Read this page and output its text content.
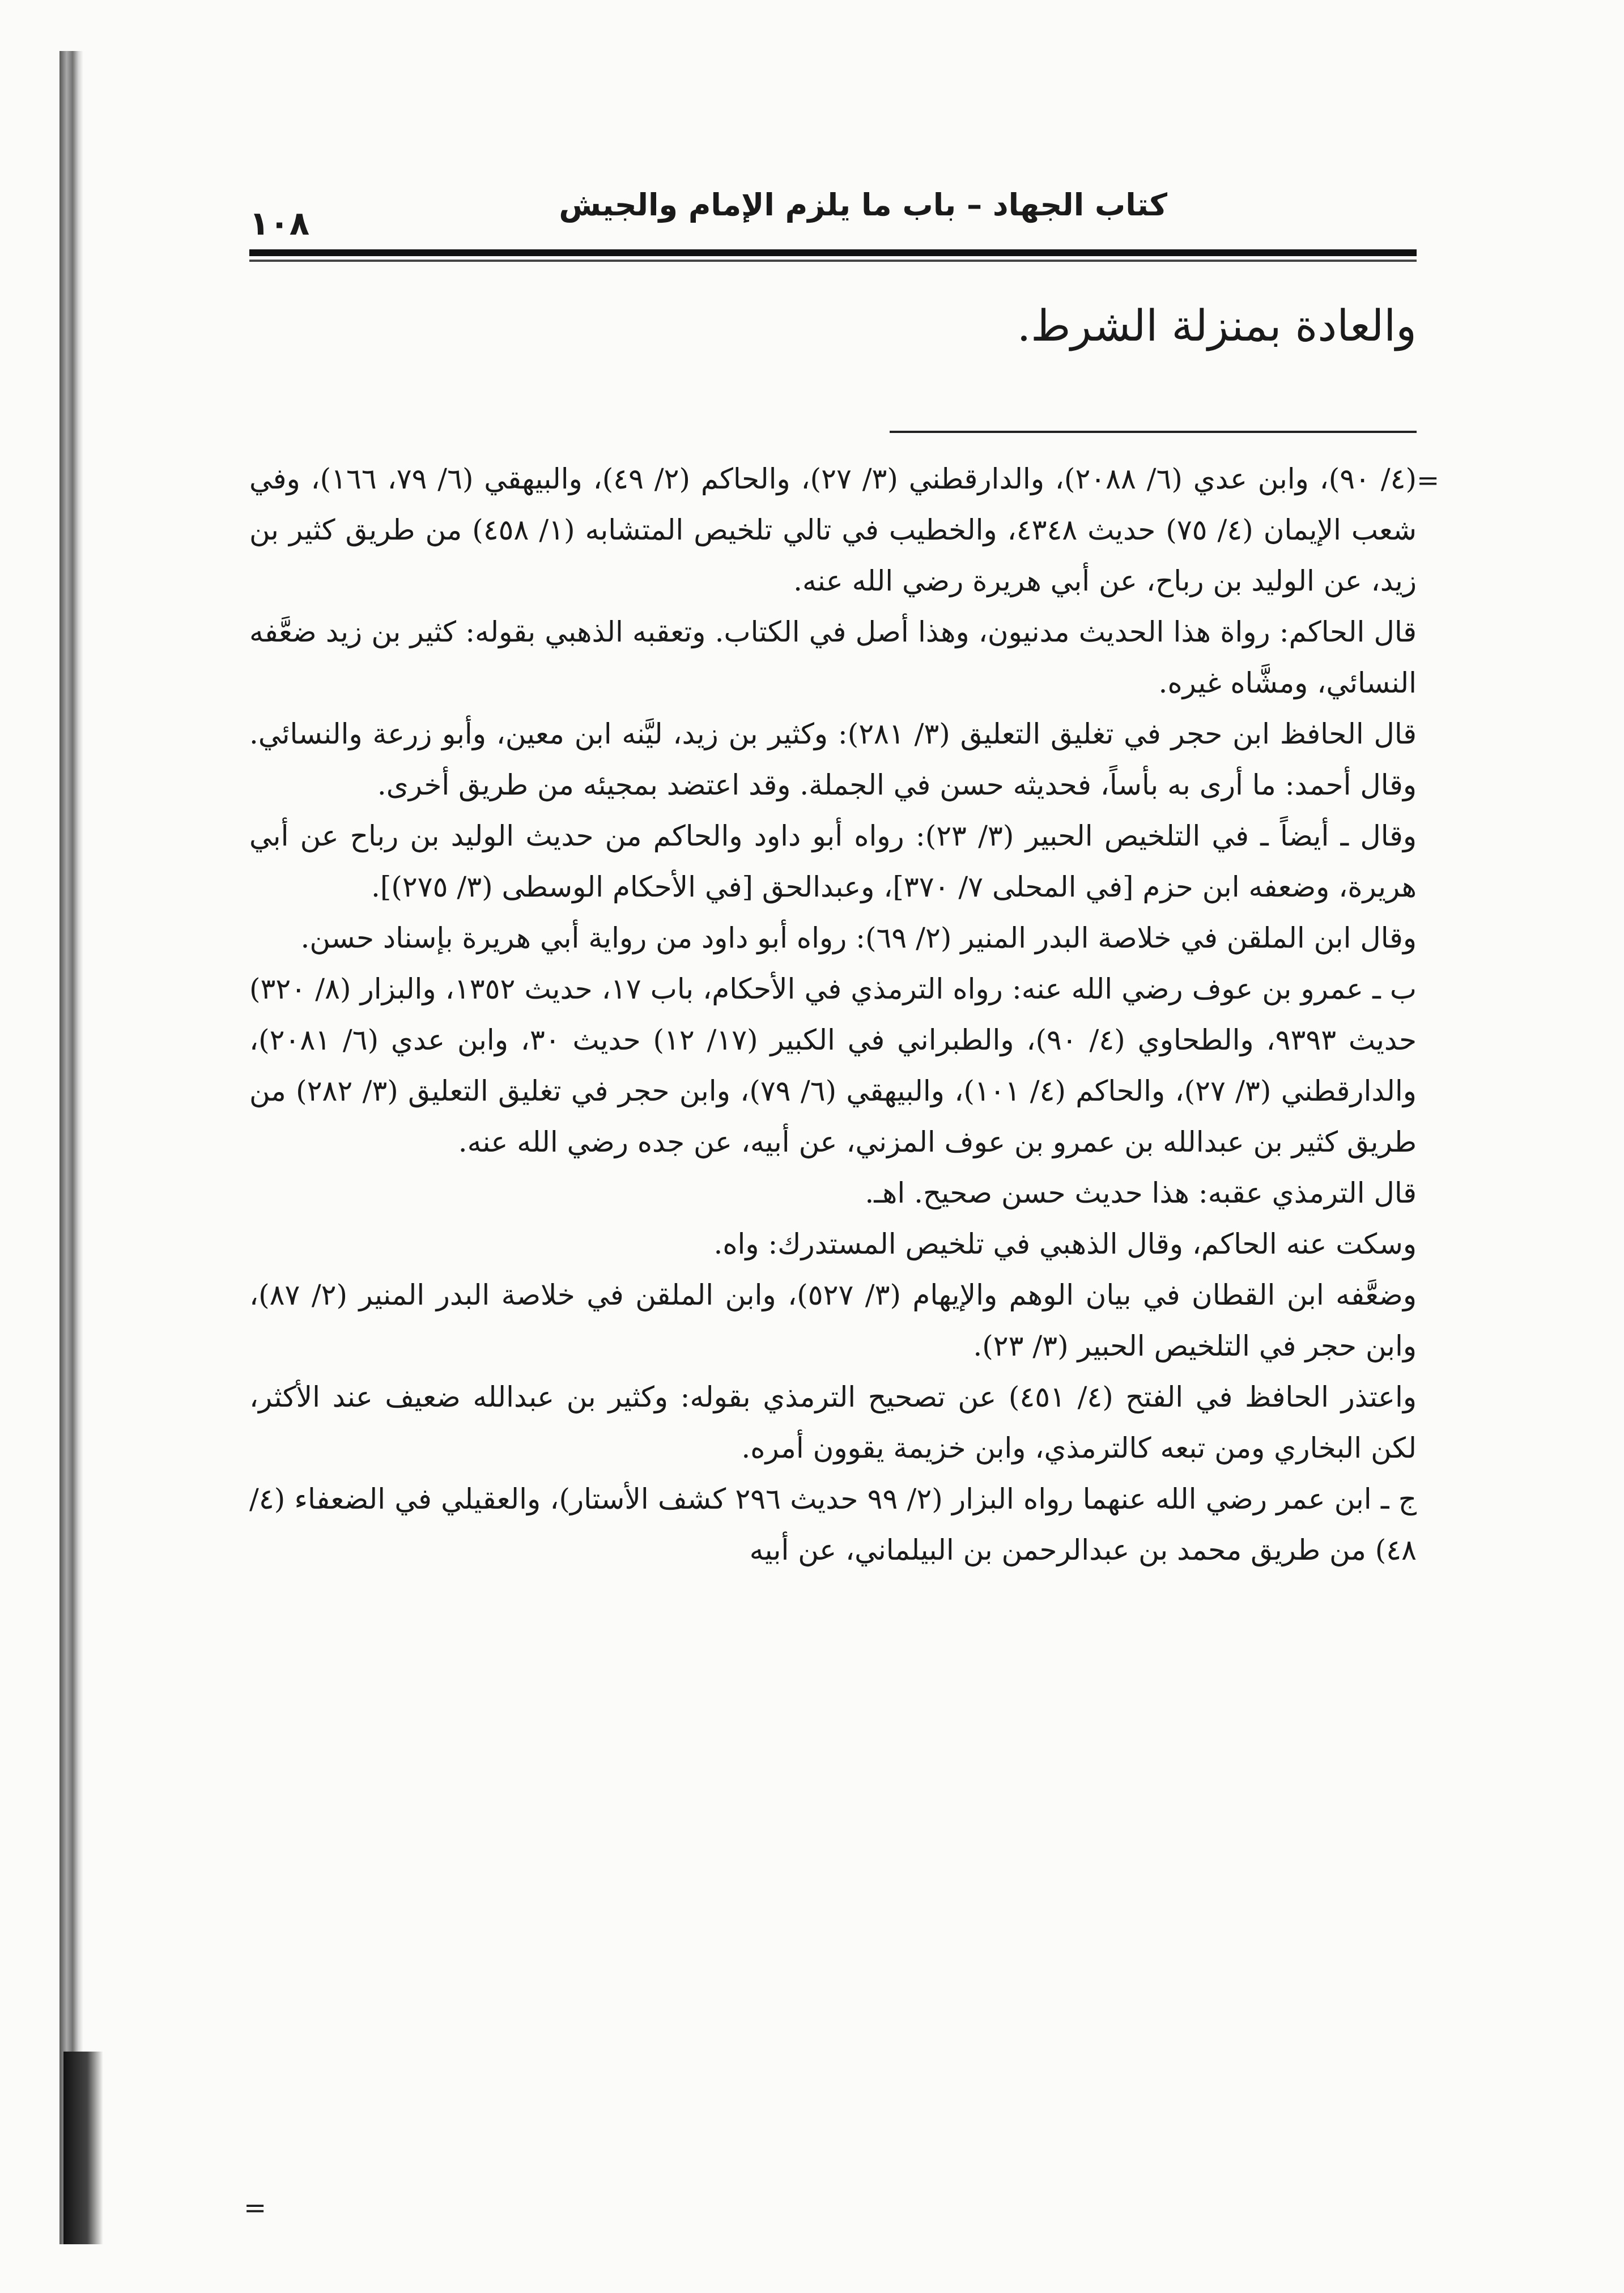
كتاب الجهاد – باب ما يلزم الإمام والجيش
١٠٨
والعادة بمنزلة الشرط.
=

(٤/ ٩٠)، وابن عدي (٦/ ٢٠٨٨)، والدارقطني (٣/ ٢٧)، والحاكم (٢/ ٤٩)، والبيهقي (٦/ ٧٩، ١٦٦)، وفي شعب الإيمان (٤/ ٧٥) حديث ٤٣٤٨، والخطيب في تالي تلخيص المتشابه (١/ ٤٥٨) من طريق كثير بن زيد، عن الوليد بن رباح، عن أبي هريرة رضي الله عنه.

قال الحاكم: رواة هذا الحديث مدنيون، وهذا أصل في الكتاب. وتعقبه الذهبي بقوله: كثير بن زيد ضعَّفه النسائي، ومشَّاه غيره.

قال الحافظ ابن حجر في تغليق التعليق (٣/ ٢٨١): وكثير بن زيد، ليَّنه ابن معين، وأبو زرعة والنسائي. وقال أحمد: ما أرى به بأساً، فحديثه حسن في الجملة. وقد اعتضد بمجيئه من طريق أخرى.

وقال ـ أيضاً ـ في التلخيص الحبير (٣/ ٢٣): رواه أبو داود والحاكم من حديث الوليد بن رباح عن أبي هريرة، وضعفه ابن حزم [في المحلى ٧/ ٣٧٠]، وعبدالحق [في الأحكام الوسطى (٣/ ٢٧٥)].

وقال ابن الملقن في خلاصة البدر المنير (٢/ ٦٩): رواه أبو داود من رواية أبي هريرة بإسناد حسن.

ب ـ عمرو بن عوف رضي الله عنه: رواه الترمذي في الأحكام، باب ١٧، حديث ١٣٥٢، والبزار (٨/ ٣٢٠) حديث ٩٣٩٣، والطحاوي (٤/ ٩٠)، والطبراني في الكبير (١٧/ ١٢) حديث ٣٠، وابن عدي (٦/ ٢٠٨١)، والدارقطني (٣/ ٢٧)، والحاكم (٤/ ١٠١)، والبيهقي (٦/ ٧٩)، وابن حجر في تغليق التعليق (٣/ ٢٨٢) من طريق كثير بن عبدالله بن عمرو بن عوف المزني، عن أبيه، عن جده رضي الله عنه.

قال الترمذي عقبه: هذا حديث حسن صحيح. اهـ.

وسكت عنه الحاكم، وقال الذهبي في تلخيص المستدرك: واه.

وضعَّفه ابن القطان في بيان الوهم والإيهام (٣/ ٥٢٧)، وابن الملقن في خلاصة البدر المنير (٢/ ٨٧)، وابن حجر في التلخيص الحبير (٣/ ٢٣).

واعتذر الحافظ في الفتح (٤/ ٤٥١) عن تصحيح الترمذي بقوله: وكثير بن عبدالله ضعيف عند الأكثر، لكن البخاري ومن تبعه كالترمذي، وابن خزيمة يقوون أمره.

ج ـ ابن عمر رضي الله عنهما رواه البزار (٢/ ٩٩ حديث ٢٩٦ كشف الأستار)، والعقيلي في الضعفاء (٤/ ٤٨) من طريق محمد بن عبدالرحمن بن البيلماني، عن أبيه

=
